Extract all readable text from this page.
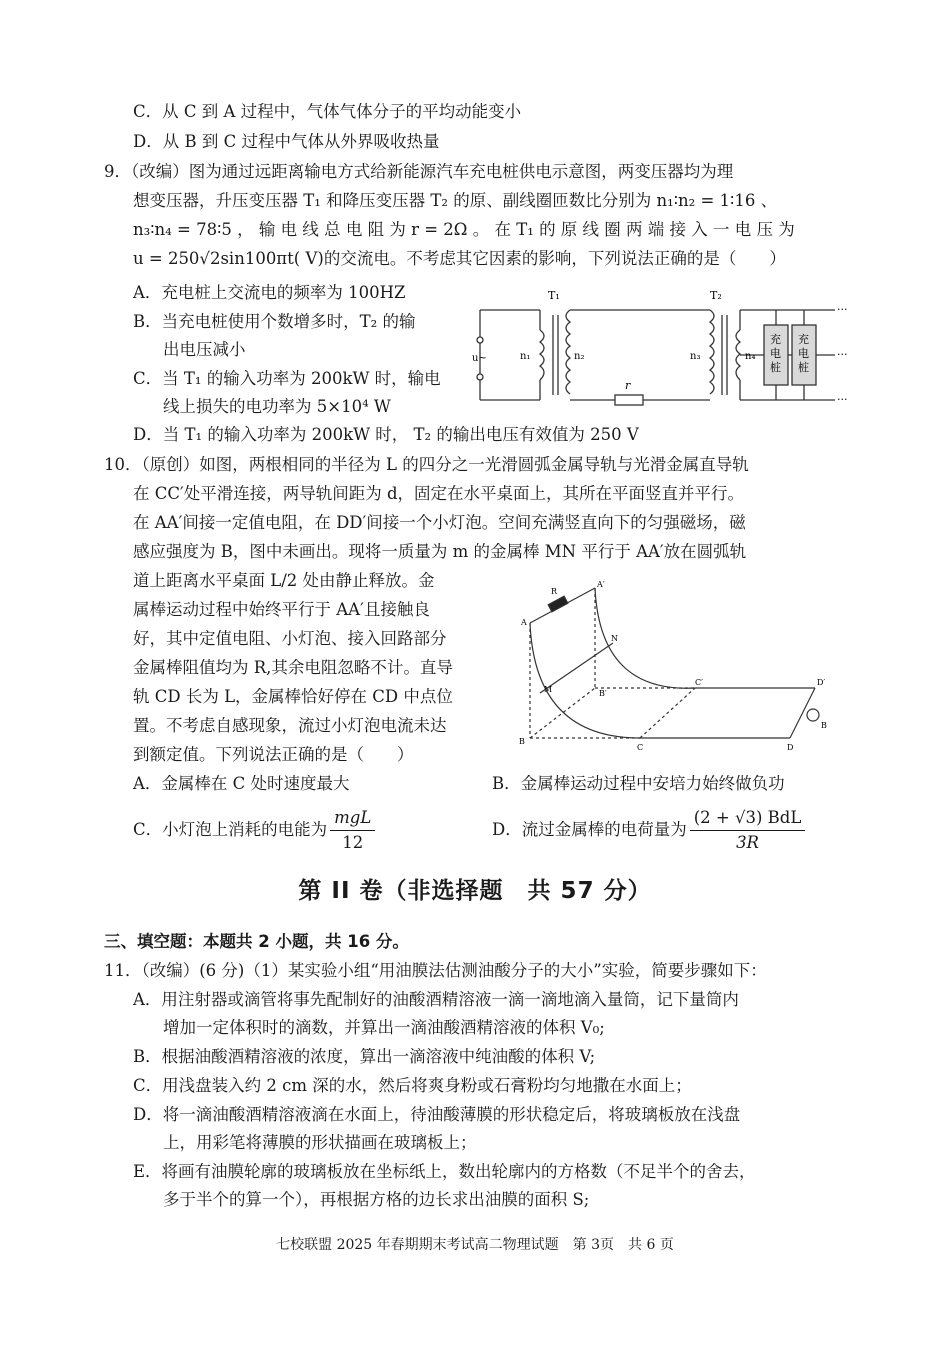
C．从 C 到 A 过程中，气体气体分子的平均动能变小
D．从 B 到 C 过程中气体从外界吸收热量
9．（改编）图为通过远距离输电方式给新能源汽车充电桩供电示意图，两变压器均为理
想变压器，升压变压器 T₁ 和降压变压器 T₂ 的原、副线圈匝数比分别为 n₁∶n₂ = 1∶16 、
n₃∶n₄ = 78∶5 ， 输 电 线 总 电 阻 为 r = 2Ω 。 在 T₁ 的 原 线 圈 两 端 接 入 一 电 压 为
u = 250√2sin100πt( V)的交流电。不考虑其它因素的影响，下列说法正确的是（　　）
A．充电桩上交流电的频率为 100HZ
B．当充电桩使用个数增多时，T₂ 的输
出电压减小
C．当 T₁ 的输入功率为 200kW 时，输电
线上损失的电功率为 5×10⁴ W
D．当 T₁ 的输入功率为 200kW 时， T₂ 的输出电压有效值为 250 V
T₁	T₂
u~	n₁	n₂	n₃	n₄
r
充电桩
充电桩
···
···
···
10．（原创）如图，两根相同的半径为 L 的四分之一光滑圆弧金属导轨与光滑金属直导轨
在 CC′处平滑连接，两导轨间距为 d，固定在水平桌面上，其所在平面竖直并平行。
在 AA′间接一定值电阻，在 DD′间接一个小灯泡。空间充满竖直向下的匀强磁场，磁
感应强度为 B，图中未画出。现将一质量为 m 的金属棒 MN 平行于 AA′放在圆弧轨
道上距离水平桌面 L/2 处由静止释放。金
属棒运动过程中始终平行于 AA′且接触良
好，其中定值电阻、小灯泡、接入回路部分
金属棒阻值均为 R,其余电阻忽略不计。直导
轨 CD 长为 L，金属棒恰好停在 CD 中点位
置。不考虑自感现象，流过小灯泡电流未达
到额定值。下列说法正确的是（　　）
A′
A
R
N
M
B
B′
C
C′
D
D′
B
A．金属棒在 C 处时速度最大	B．金属棒运动过程中安培力始终做负功
C．小灯泡上消耗的电能为 $\frac{\text{mgL}}{12}$	D．流过金属棒的电荷量为 $\frac{\text{(2 + √3) BdL}}{3R}$
第 II 卷（非选择题　共 57 分）
三、填空题：本题共 2 小题，共 16 分。
11．（改编）(6 分)（1）某实验小组“用油膜法估测油酸分子的大小”实验，简要步骤如下：
A．用注射器或滴管将事先配制好的油酸酒精溶液一滴一滴地滴入量筒，记下量筒内
增加一定体积时的滴数，并算出一滴油酸酒精溶液的体积 V₀;
B．根据油酸酒精溶液的浓度，算出一滴溶液中纯油酸的体积 V;
C．用浅盘装入约 2 cm 深的水，然后将爽身粉或石膏粉均匀地撒在水面上；
D．将一滴油酸酒精溶液滴在水面上，待油酸薄膜的形状稳定后，将玻璃板放在浅盘
上，用彩笔将薄膜的形状描画在玻璃板上；
E．将画有油膜轮廓的玻璃板放在坐标纸上，数出轮廓内的方格数（不足半个的舍去，
多于半个的算一个），再根据方格的边长求出油膜的面积 S;
七校联盟 2025 年春期期末考试高二物理试题　第 3页　共 6 页
